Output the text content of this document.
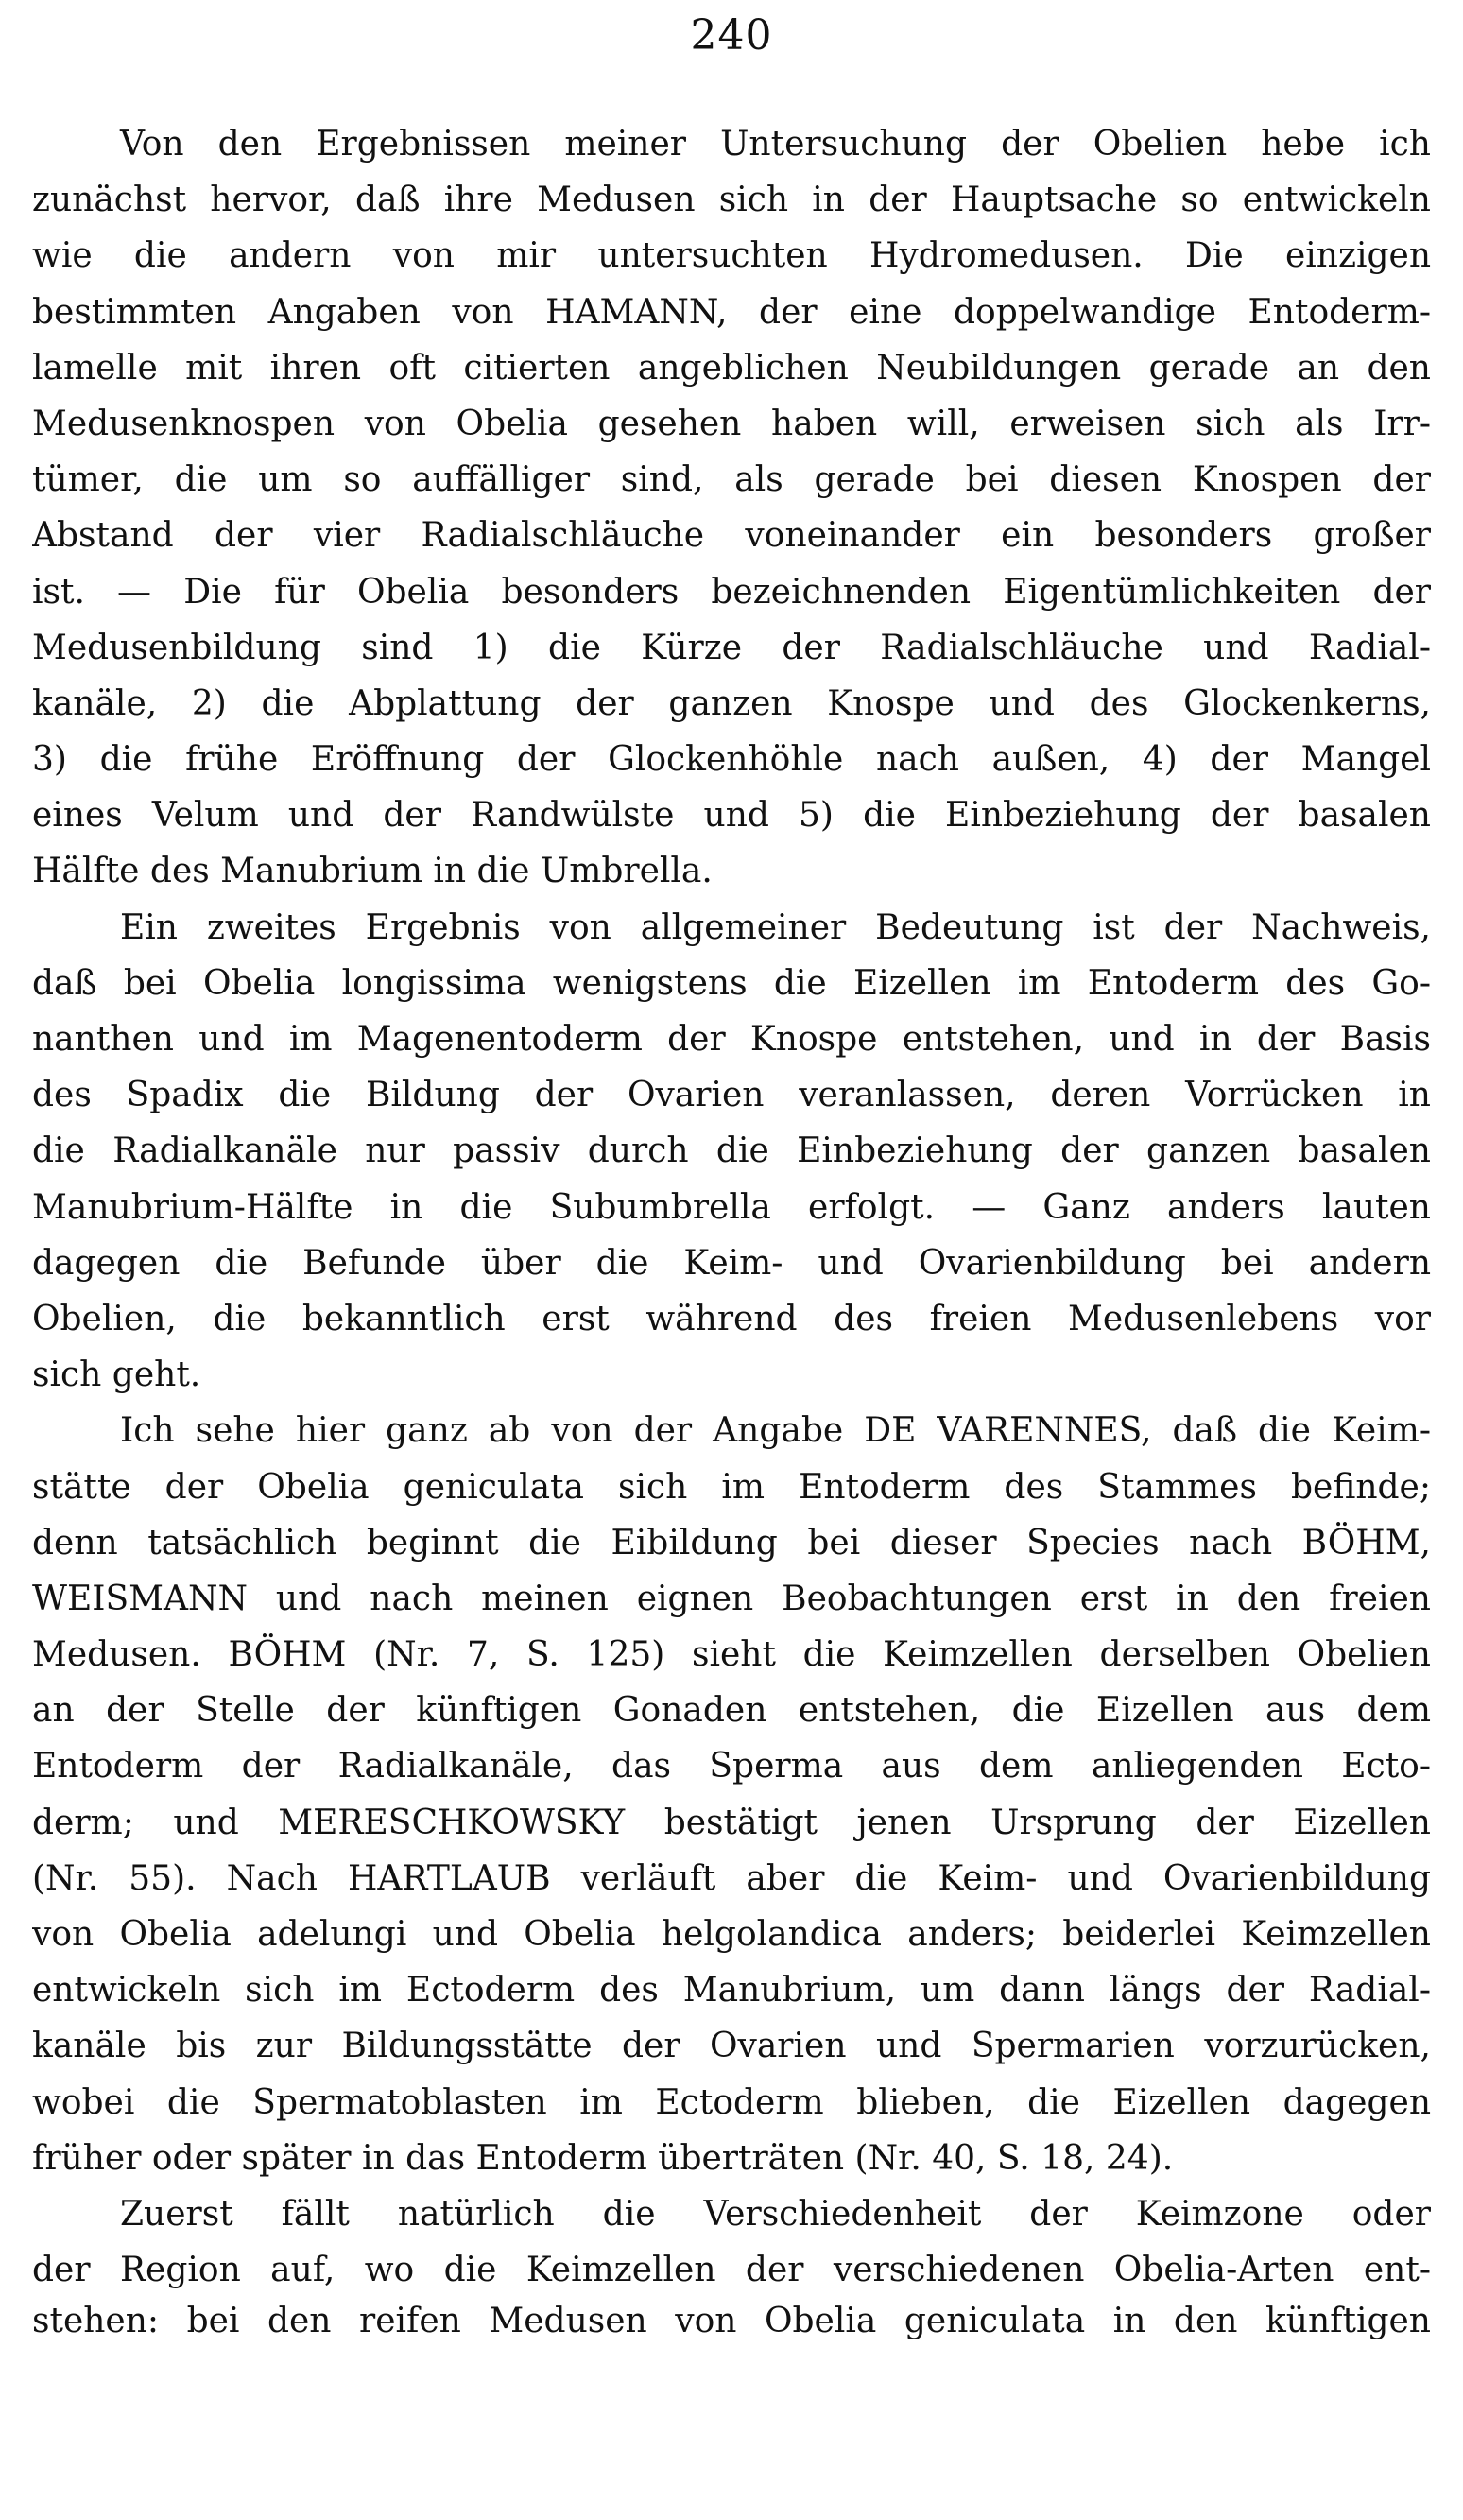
240
Von den Ergebnissen meiner Untersuchung der Obelien hebe ich
zunächst hervor, daß ihre Medusen sich in der Hauptsache so entwickeln
wie die andern von mir untersuchten Hydromedusen. Die einzigen
bestimmten Angaben von HAMANN, der eine doppelwandige Entoderm-
lamelle mit ihren oft citierten angeblichen Neubildungen gerade an den
Medusenknospen von Obelia gesehen haben will, erweisen sich als Irr-
tümer, die um so auffälliger sind, als gerade bei diesen Knospen der
Abstand der vier Radialschläuche voneinander ein besonders großer
ist. — Die für Obelia besonders bezeichnenden Eigentümlichkeiten der
Medusenbildung sind 1) die Kürze der Radialschläuche und Radial-
kanäle, 2) die Abplattung der ganzen Knospe und des Glockenkerns,
3) die frühe Eröffnung der Glockenhöhle nach außen, 4) der Mangel
eines Velum und der Randwülste und 5) die Einbeziehung der basalen
Hälfte des Manubrium in die Umbrella.
Ein zweites Ergebnis von allgemeiner Bedeutung ist der Nachweis,
daß bei Obelia longissima wenigstens die Eizellen im Entoderm des Go-
nanthen und im Magenentoderm der Knospe entstehen, und in der Basis
des Spadix die Bildung der Ovarien veranlassen, deren Vorrücken in
die Radialkanäle nur passiv durch die Einbeziehung der ganzen basalen
Manubrium-Hälfte in die Subumbrella erfolgt. — Ganz anders lauten
dagegen die Befunde über die Keim- und Ovarienbildung bei andern
Obelien, die bekanntlich erst während des freien Medusenlebens vor
sich geht.
Ich sehe hier ganz ab von der Angabe DE VARENNES, daß die Keim-
stätte der Obelia geniculata sich im Entoderm des Stammes befinde;
denn tatsächlich beginnt die Eibildung bei dieser Species nach BÖHM,
WEISMANN und nach meinen eignen Beobachtungen erst in den freien
Medusen. BÖHM (Nr. 7, S. 125) sieht die Keimzellen derselben Obelien
an der Stelle der künftigen Gonaden entstehen, die Eizellen aus dem
Entoderm der Radialkanäle, das Sperma aus dem anliegenden Ecto-
derm; und MERESCHKOWSKY bestätigt jenen Ursprung der Eizellen
(Nr. 55). Nach HARTLAUB verläuft aber die Keim- und Ovarienbildung
von Obelia adelungi und Obelia helgolandica anders; beiderlei Keimzellen
entwickeln sich im Ectoderm des Manubrium, um dann längs der Radial-
kanäle bis zur Bildungsstätte der Ovarien und Spermarien vorzurücken,
wobei die Spermatoblasten im Ectoderm blieben, die Eizellen dagegen
früher oder später in das Entoderm überträten (Nr. 40, S. 18, 24).
Zuerst fällt natürlich die Verschiedenheit der Keimzone oder
der Region auf, wo die Keimzellen der verschiedenen Obelia-Arten ent-
stehen: bei den reifen Medusen von Obelia geniculata in den künftigen
